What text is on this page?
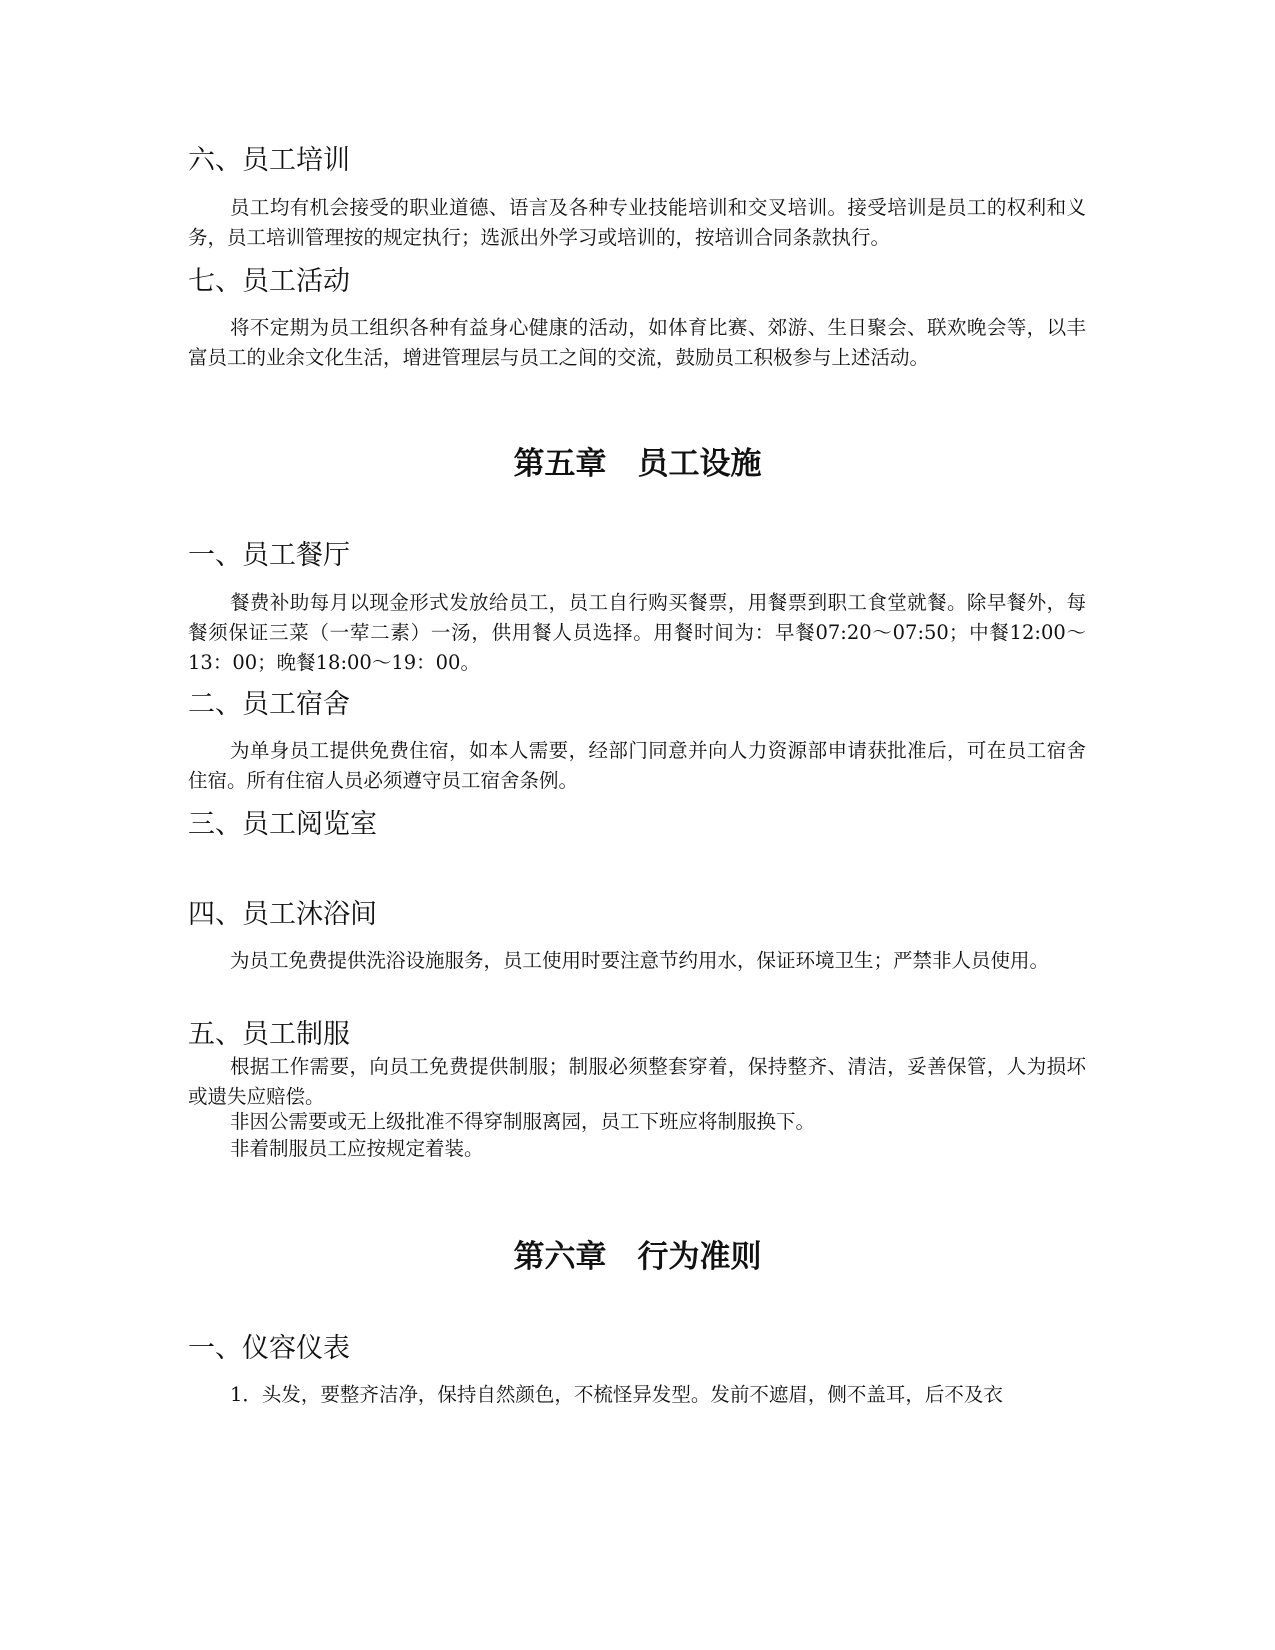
六、员工培训

员工均有机会接受的职业道德、语言及各种专业技能培训和交叉培训。接受培训是员工的权利和义务，员工培训管理按的规定执行；选派出外学习或培训的，按培训合同条款执行。

七、员工活动

将不定期为员工组织各种有益身心健康的活动，如体育比赛、郊游、生日聚会、联欢晚会等，以丰富员工的业余文化生活，增进管理层与员工之间的交流，鼓励员工积极参与上述活动。

第五章　员工设施
一、员工餐厅

餐费补助每月以现金形式发放给员工，员工自行购买餐票，用餐票到职工食堂就餐。除早餐外，每餐须保证三菜（一荤二素）一汤，供用餐人员选择。用餐时间为：早餐07:20～07:50；中餐12:00～13：00；晚餐18:00～19：00。

二、员工宿舍

为单身员工提供免费住宿，如本人需要，经部门同意并向人力资源部申请获批准后，可在员工宿舍住宿。所有住宿人员必须遵守员工宿舍条例。

三、员工阅览室
四、员工沐浴间

为员工免费提供洗浴设施服务，员工使用时要注意节约用水，保证环境卫生；严禁非人员使用。

五、员工制服

根据工作需要，向员工免费提供制服；制服必须整套穿着，保持整齐、清洁，妥善保管，人为损坏或遗失应赔偿。

非因公需要或无上级批准不得穿制服离园，员工下班应将制服换下。

非着制服员工应按规定着装。

第六章　行为准则
一、仪容仪表

1．头发，要整齐洁净，保持自然颜色，不梳怪异发型。发前不遮眉，侧不盖耳，后不及衣
